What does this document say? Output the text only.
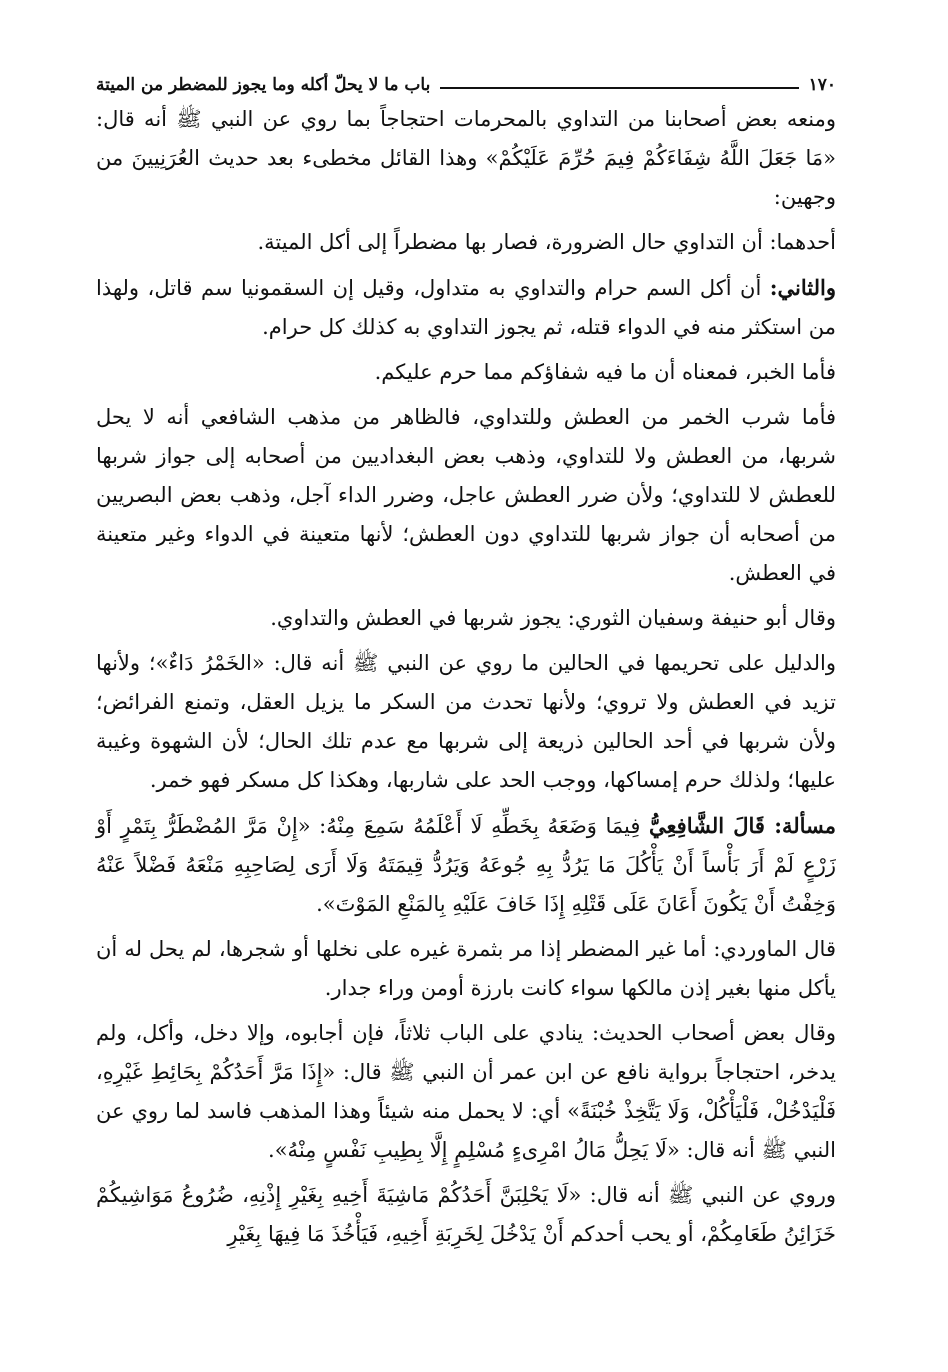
١٧٠
باب ما لا يحلّ أكله وما يجوز للمضطر من الميتة

ومنعه بعض أصحابنا من التداوي بالمحرمات احتجاجاً بما روي عن النبي ﷺ أنه قال: «مَا جَعَلَ اللَّهُ شِفَاءَكُمْ فِيمَ حُرِّمَ عَلَيْكُمْ» وهذا القائل مخطىء بعد حديث العُرَنِيينَ من وجهين:

أحدهما: أن التداوي حال الضرورة، فصار بها مضطراً إلى أكل الميتة.

والثاني: أن أكل السم حرام والتداوي به متداول، وقيل إن السقمونيا سم قاتل، ولهذا من استكثر منه في الدواء قتله، ثم يجوز التداوي به كذلك كل حرام.

فأما الخبر، فمعناه أن ما فيه شفاؤكم مما حرم عليكم.

فأما شرب الخمر من العطش وللتداوي، فالظاهر من مذهب الشافعي أنه لا يحل شربها، من العطش ولا للتداوي، وذهب بعض البغداديين من أصحابه إلى جواز شربها للعطش لا للتداوي؛ ولأن ضرر العطش عاجل، وضرر الداء آجل، وذهب بعض البصريين من أصحابه أن جواز شربها للتداوي دون العطش؛ لأنها متعينة في الدواء وغير متعينة في العطش.

وقال أبو حنيفة وسفيان الثوري: يجوز شربها في العطش والتداوي.

والدليل على تحريمها في الحالين ما روي عن النبي ﷺ أنه قال: «الخَمْرُ دَاءٌ»؛ ولأنها تزيد في العطش ولا تروي؛ ولأنها تحدث من السكر ما يزيل العقل، وتمنع الفرائض؛ ولأن شربها في أحد الحالين ذريعة إلى شربها مع عدم تلك الحال؛ لأن الشهوة وغيبة عليها؛ ولذلك حرم إمساكها، ووجب الحد على شاربها، وهكذا كل مسكر فهو خمر.

مسألة: قَالَ الشَّافِعِيُّ فِيمَا وَضَعَهُ بِخَطِّهِ لَا أَعْلَمُهُ سَمِعَ مِنْهُ: «إِنْ مَرَّ المُضْطَرُّ بِتَمْرٍ أَوْ زَرْعٍ لَمْ أَرَ بَأْساً أَنْ يَأْكُلَ مَا يَرُدُّ بِهِ جُوعَهُ وَيَرُدُّ قِيمَتَهُ وَلَا أَرَى لِصَاحِبِهِ مَنْعَهُ فَضْلاً عَنْهُ وَخِفْتُ أَنْ يَكُونَ أَعَانَ عَلَى قَتْلِهِ إِذَا خَافَ عَلَيْهِ بِالمَنْعِ المَوْتَ».

قال الماوردي: أما غير المضطر إذا مر بثمرة غيره على نخلها أو شجرها، لم يحل له أن يأكل منها بغير إذن مالكها سواء كانت بارزة أومن وراء جدار.

وقال بعض أصحاب الحديث: ينادي على الباب ثلاثاً، فإن أجابوه، وإلا دخل، وأكل، ولم يدخر، احتجاجاً برواية نافع عن ابن عمر أن النبي ﷺ قال: «إِذَا مَرَّ أَحَدُكُمْ بِحَائِطِ غَيْرِهِ، فَلْيَدْخُلْ، فَلْيَأْكُلْ، وَلَا يَتَّخِذْ خُبْنَةً» أي: لا يحمل منه شيئاً وهذا المذهب فاسد لما روي عن النبي ﷺ أنه قال: «لَا يَحِلُّ مَالُ امْرِىءٍ مُسْلِمٍ إِلَّا بِطِيبِ نَفْسٍ مِنْهُ».

وروي عن النبي ﷺ أنه قال: «لَا يَحْلِبَنَّ أَحَدُكُمْ مَاشِيَةَ أَخِيهِ بِغَيْرِ إِذْنِهِ، ضُرُوعُ مَوَاشِيكُمْ خَزَائِنُ طَعَامِكُمْ، أو يحب أحدكم أَنْ يَدْخُلَ لِخَرِبَةِ أَخِيهِ، فَيَأْخُذَ مَا فِيهَا بِغَيْرِ
